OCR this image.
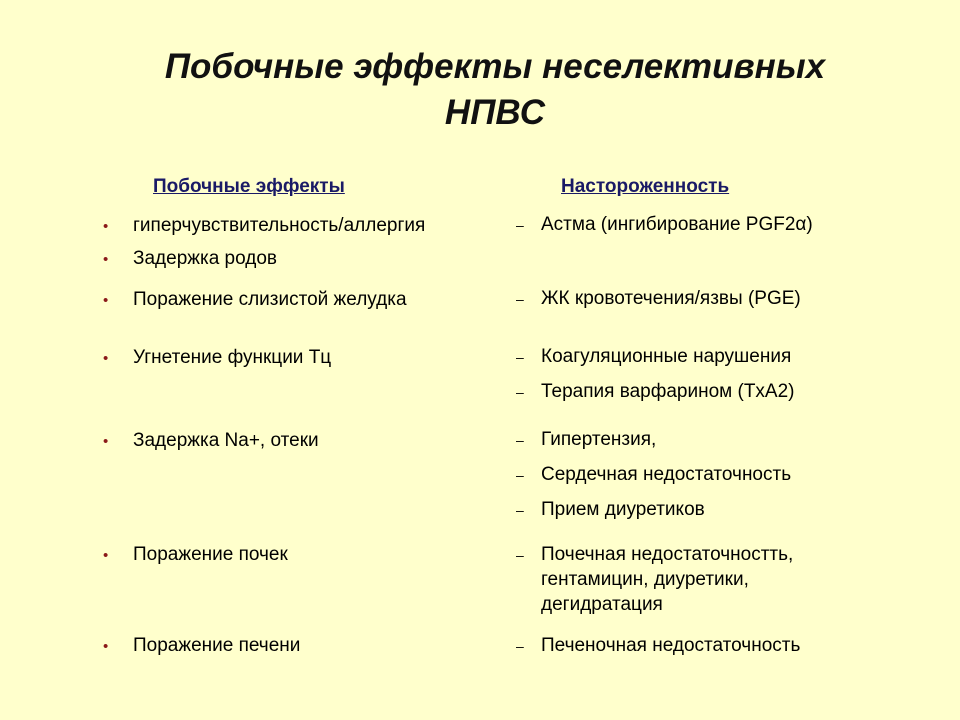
Побочные эффекты неселективных
НПВС
Побочные эффекты	Настороженность
• гиперчувствительность/аллергия
• Задержка родов
• Поражение слизистой желудка
• Угнетение функции Тц
• Задержка Na+, отеки
• Поражение почек
• Поражение печени
– Астма (ингибирование PGF2α)
– ЖК кровотечения/язвы (PGE)
– Коагуляционные нарушения
– Терапия варфарином (TxA2)
– Гипертензия,
– Сердечная недостаточность
– Прием диуретиков
– Почечная недостаточностть,
гентамицин, диуретики,
дегидратация
– Печеночная недостаточность
